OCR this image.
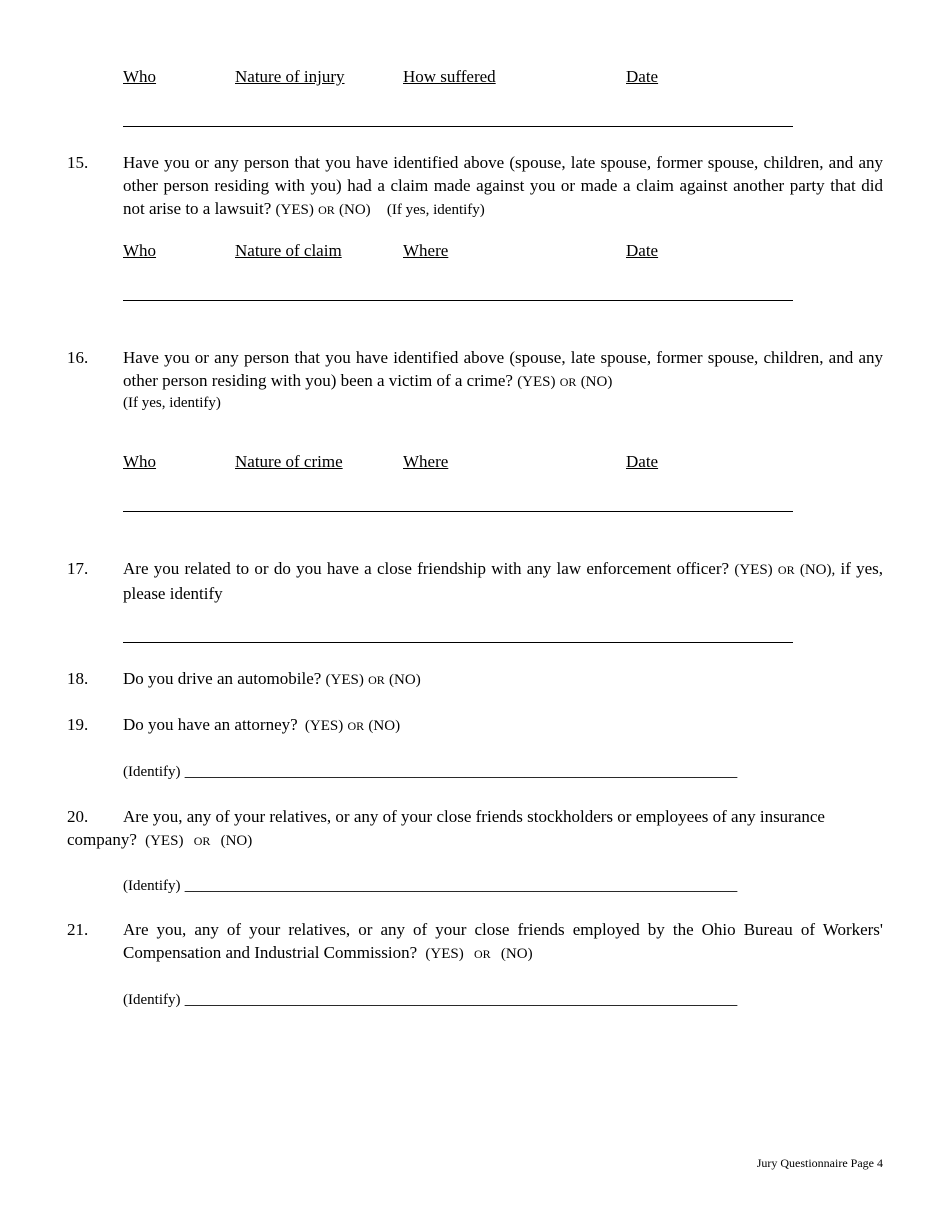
Who	Nature of injury	How suffered	Date
15. Have you or any person that you have identified above (spouse, late spouse, former spouse, children, and any other person residing with you) had a claim made against you or made a claim against another party that did not arise to a lawsuit? (YES) OR (NO) (If yes, identify)
Who	Nature of claim	Where	Date
16. Have you or any person that you have identified above (spouse, late spouse, former spouse, children, and any other person residing with you) been a victim of a crime? (YES) OR (NO)
(If yes, identify)
Who	Nature of crime	Where	Date
17. Are you related to or do you have a close friendship with any law enforcement officer? (YES) OR (NO), if yes, please identify
18. Do you drive an automobile? (YES) OR (NO)
19. Do you have an attorney? (YES) OR (NO)
(Identify) _________________________________________________________________
20. Are you, any of your relatives, or any of your close friends stockholders or employees of any insurance
company? (YES) OR (NO)
(Identify) _________________________________________________________________
21. Are you, any of your relatives, or any of your close friends employed by the Ohio Bureau of Workers' Compensation and Industrial Commission? (YES) OR (NO)
(Identify) _________________________________________________________________
Jury Questionnaire Page 4
